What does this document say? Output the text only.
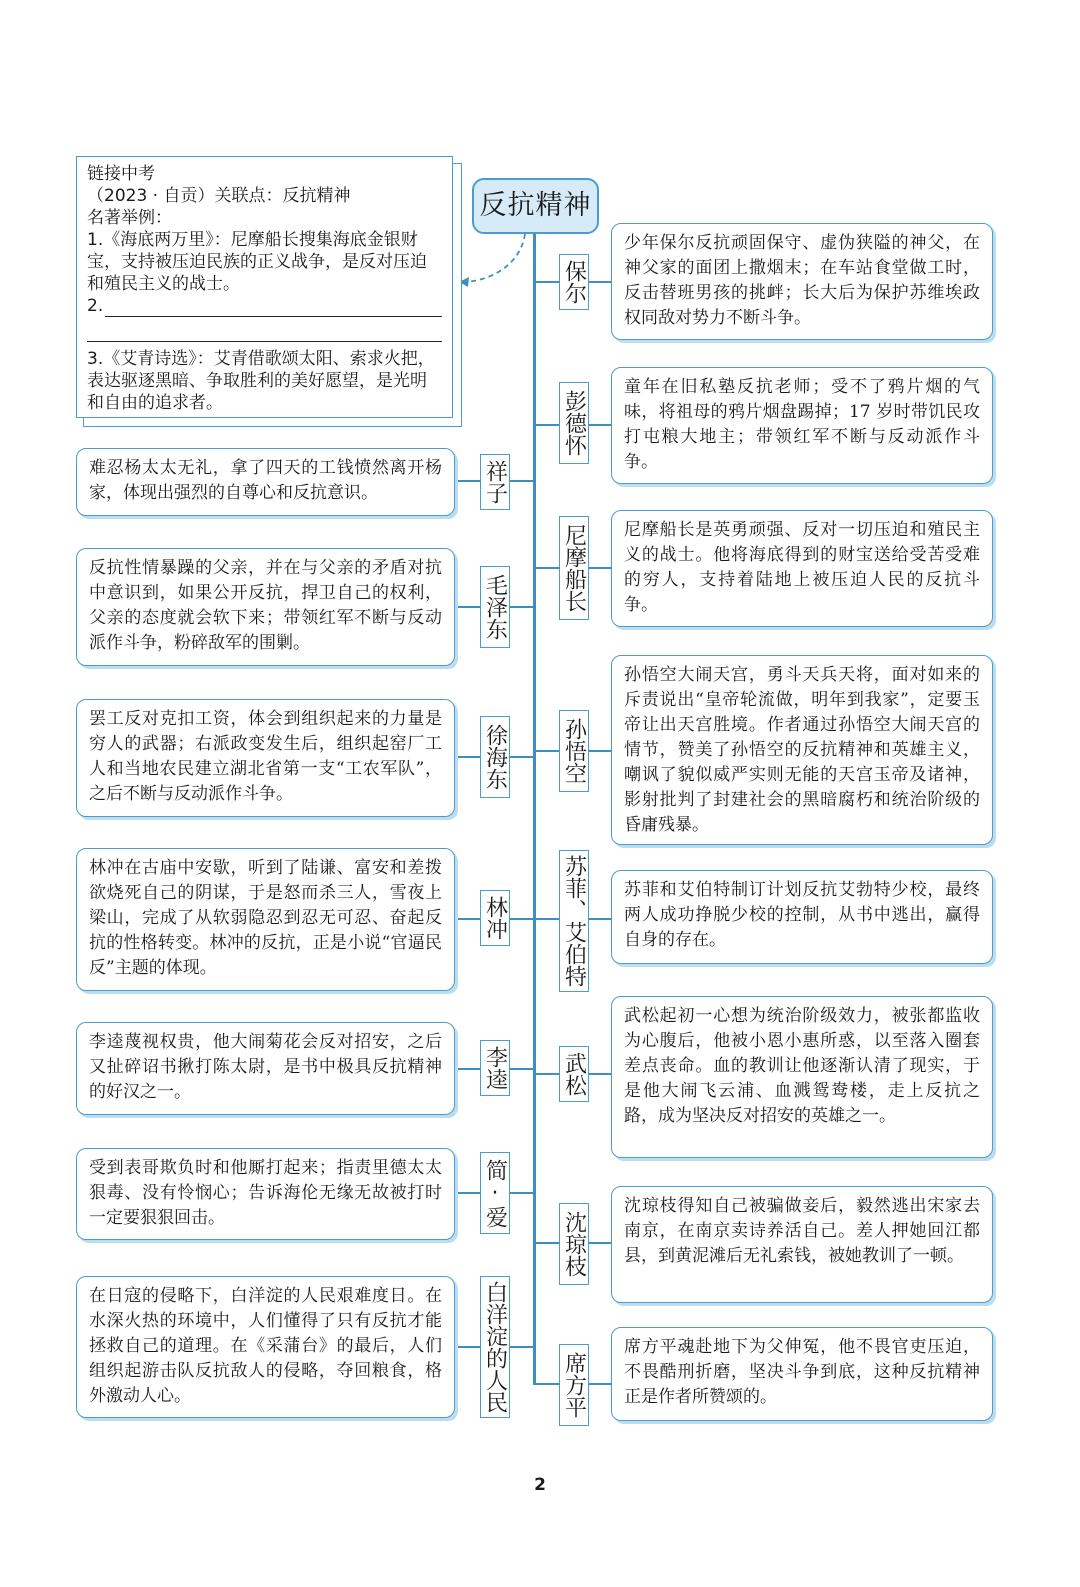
链接中考
（2023 · 自贡）关联点：反抗精神
名著举例：
1.《海底两万里》：尼摩船长搜集海底金银财宝，支持被压迫民族的正义战争，是反对压迫和殖民主义的战士。
2.
3.《艾青诗选》：艾青借歌颂太阳、索求火把，表达驱逐黑暗、争取胜利的美好愿望，是光明和自由的追求者。
反抗精神
保尔
少年保尔反抗顽固保守、虚伪狭隘的神父，在神父家的面团上撒烟末；在车站食堂做工时，反击替班男孩的挑衅；长大后为保护苏维埃政权同敌对势力不断斗争。
彭德怀
童年在旧私塾反抗老师；受不了鸦片烟的气味，将祖母的鸦片烟盘踢掉；17 岁时带饥民攻打屯粮大地主；带领红军不断与反动派作斗争。
尼摩船长	尼摩船长是英勇顽强、反对一切压迫和殖民主义的战士。他将海底得到的财宝送给受苦受难的穷人，支持着陆地上被压迫人民的反抗斗争。
孙悟空
孙悟空大闹天宫，勇斗天兵天将，面对如来的斥责说出“皇帝轮流做，明年到我家”，定要玉帝让出天宫胜境。作者通过孙悟空大闹天宫的情节，赞美了孙悟空的反抗精神和英雄主义，嘲讽了貌似威严实则无能的天宫玉帝及诸神，影射批判了封建社会的黑暗腐朽和统治阶级的昏庸残暴。
苏菲、艾伯特	苏菲和艾伯特制订计划反抗艾勃特少校，最终两人成功挣脱少校的控制，从书中逃出，赢得自身的存在。
武松
武松起初一心想为统治阶级效力，被张都监收为心腹后，他被小恩小惠所惑，以至落入圈套差点丧命。血的教训让他逐渐认清了现实，于是他大闹飞云浦、血溅鸳鸯楼，走上反抗之路，成为坚决反对招安的英雄之一。
沈琼枝
沈琼枝得知自己被骗做妾后，毅然逃出宋家去南京，在南京卖诗养活自己。差人押她回江都县，到黄泥滩后无礼索钱，被她教训了一顿。
席方平
席方平魂赴地下为父伸冤，他不畏官吏压迫，不畏酷刑折磨，坚决斗争到底，这种反抗精神正是作者所赞颂的。
祥子
难忍杨太太无礼，拿了四天的工钱愤然离开杨家，体现出强烈的自尊心和反抗意识。
毛泽东
反抗性情暴躁的父亲，并在与父亲的矛盾对抗中意识到，如果公开反抗，捍卫自己的权利，父亲的态度就会软下来；带领红军不断与反动派作斗争，粉碎敌军的围剿。
徐海东
罢工反对克扣工资，体会到组织起来的力量是穷人的武器；右派政变发生后，组织起窑厂工人和当地农民建立湖北省第一支“工农军队”，之后不断与反动派作斗争。
林冲
林冲在古庙中安歇，听到了陆谦、富安和差拨欲烧死自己的阴谋，于是怒而杀三人，雪夜上梁山，完成了从软弱隐忍到忍无可忍、奋起反抗的性格转变。林冲的反抗，正是小说“官逼民反”主题的体现。
李逵
李逵蔑视权贵，他大闹菊花会反对招安，之后又扯碎诏书揪打陈太尉，是书中极具反抗精神的好汉之一。
简·爱
受到表哥欺负时和他厮打起来；指责里德太太狠毒、没有怜悯心；告诉海伦无缘无故被打时一定要狠狠回击。
白洋淀的人民
在日寇的侵略下，白洋淀的人民艰难度日。在水深火热的环境中，人们懂得了只有反抗才能拯救自己的道理。在《采蒲台》的最后，人们组织起游击队反抗敌人的侵略，夺回粮食，格外激动人心。
2
